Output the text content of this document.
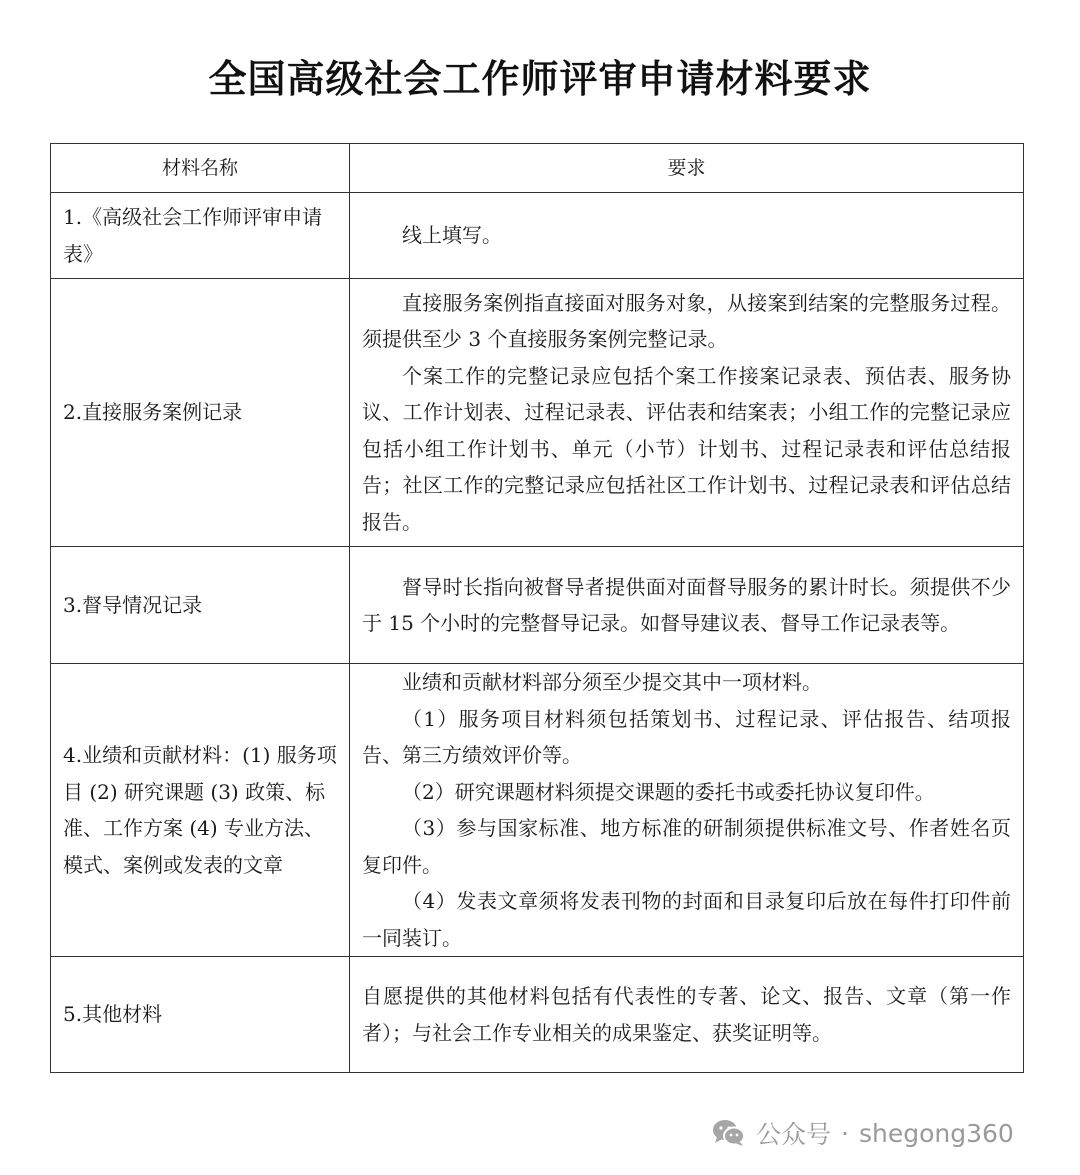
全国高级社会工作师评审申请材料要求
材料名称	要求
1.《高级社会工作师评审申请表》	线上填写。

2.直接服务案例记录	直接服务案例指直接面对服务对象，从接案到结案的完整服务过程。须提供至少 3 个直接服务案例完整记录。

个案工作的完整记录应包括个案工作接案记录表、预估表、服务协议、工作计划表、过程记录表、评估表和结案表；小组工作的完整记录应包括小组工作计划书、单元（小节）计划书、过程记录表和评估总结报告；社区工作的完整记录应包括社区工作计划书、过程记录表和评估总结报告。

3.督导情况记录	督导时长指向被督导者提供面对面督导服务的累计时长。须提供不少于 15 个小时的完整督导记录。如督导建议表、督导工作记录表等。

4.业绩和贡献材料：(1) 服务项目 (2) 研究课题 (3) 政策、标准、工作方案 (4) 专业方法、模式、案例或发表的文章	业绩和贡献材料部分须至少提交其中一项材料。

（1）服务项目材料须包括策划书、过程记录、评估报告、结项报告、第三方绩效评价等。

（2）研究课题材料须提交课题的委托书或委托协议复印件。

（3）参与国家标准、地方标准的研制须提供标准文号、作者姓名页复印件。

（4）发表文章须将发表刊物的封面和目录复印后放在每件打印件前一同装订。

5.其他材料	自愿提供的其他材料包括有代表性的专著、论文、报告、文章（第一作者）；与社会工作专业相关的成果鉴定、获奖证明等。

公众号 · shegong360
